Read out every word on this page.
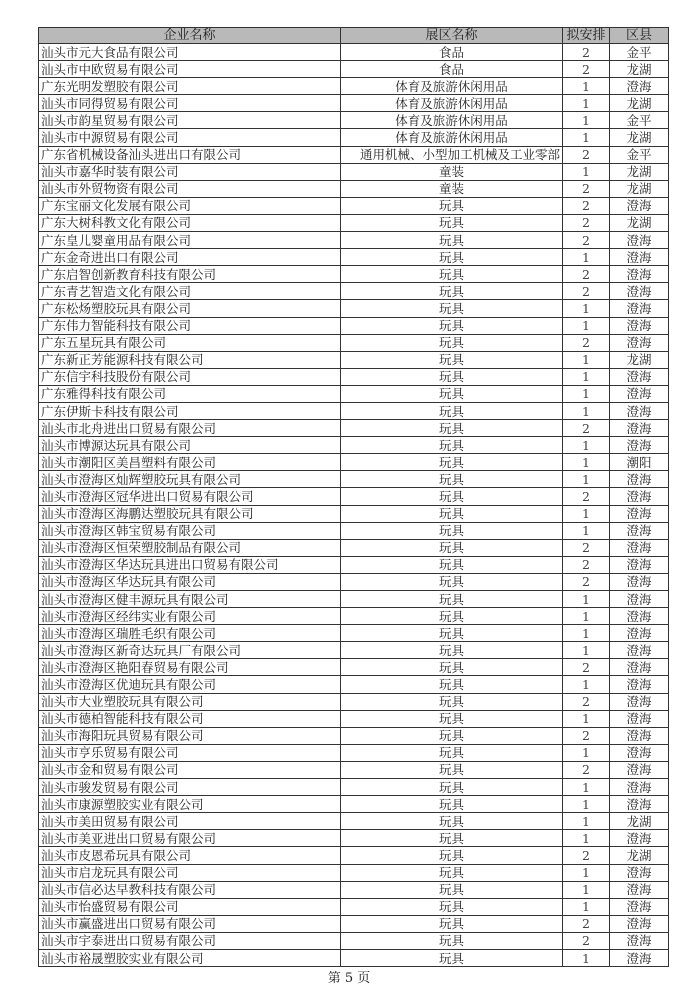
企业名称	展区名称	拟安排	区县
汕头市元大食品有限公司	食品	2	金平
汕头市中欧贸易有限公司	食品	2	龙湖
广东光明发塑胶有限公司	体育及旅游休闲用品	1	澄海
汕头市同得贸易有限公司	体育及旅游休闲用品	1	龙湖
汕头市韵星贸易有限公司	体育及旅游休闲用品	1	金平
汕头市中源贸易有限公司	体育及旅游休闲用品	1	龙湖
广东省机械设备汕头进出口有限公司	通用机械、小型加工机械及工业零部	2	金平
汕头市嘉华时装有限公司	童装	1	龙湖
汕头市外贸物资有限公司	童装	2	龙湖
广东宝丽文化发展有限公司	玩具	2	澄海
广东大树科教文化有限公司	玩具	2	龙湖
广东皇儿婴童用品有限公司	玩具	2	澄海
广东金奇进出口有限公司	玩具	1	澄海
广东启智创新教育科技有限公司	玩具	2	澄海
广东青艺智造文化有限公司	玩具	2	澄海
广东松炀塑胶玩具有限公司	玩具	1	澄海
广东伟力智能科技有限公司	玩具	1	澄海
广东五星玩具有限公司	玩具	2	澄海
广东新正芳能源科技有限公司	玩具	1	龙湖
广东信宇科技股份有限公司	玩具	1	澄海
广东雅得科技有限公司	玩具	1	澄海
广东伊斯卡科技有限公司	玩具	1	澄海
汕头市北舟进出口贸易有限公司	玩具	2	澄海
汕头市博源达玩具有限公司	玩具	1	澄海
汕头市潮阳区美昌塑料有限公司	玩具	1	潮阳
汕头市澄海区灿辉塑胶玩具有限公司	玩具	1	澄海
汕头市澄海区冠华进出口贸易有限公司	玩具	2	澄海
汕头市澄海区海鹏达塑胶玩具有限公司	玩具	1	澄海
汕头市澄海区韩宝贸易有限公司	玩具	1	澄海
汕头市澄海区恒荣塑胶制品有限公司	玩具	2	澄海
汕头市澄海区华达玩具进出口贸易有限公司	玩具	2	澄海
汕头市澄海区华达玩具有限公司	玩具	2	澄海
汕头市澄海区健丰源玩具有限公司	玩具	1	澄海
汕头市澄海区经纬实业有限公司	玩具	1	澄海
汕头市澄海区瑞胜毛织有限公司	玩具	1	澄海
汕头市澄海区新奇达玩具厂有限公司	玩具	1	澄海
汕头市澄海区艳阳春贸易有限公司	玩具	2	澄海
汕头市澄海区优迪玩具有限公司	玩具	1	澄海
汕头市大业塑胶玩具有限公司	玩具	2	澄海
汕头市德柏智能科技有限公司	玩具	1	澄海
汕头市海阳玩具贸易有限公司	玩具	2	澄海
汕头市亨乐贸易有限公司	玩具	1	澄海
汕头市金和贸易有限公司	玩具	2	澄海
汕头市骏发贸易有限公司	玩具	1	澄海
汕头市康源塑胶实业有限公司	玩具	1	澄海
汕头市美田贸易有限公司	玩具	1	龙湖
汕头市美亚进出口贸易有限公司	玩具	1	澄海
汕头市皮恩希玩具有限公司	玩具	2	龙湖
汕头市启龙玩具有限公司	玩具	1	澄海
汕头市信必达早教科技有限公司	玩具	1	澄海
汕头市怡盛贸易有限公司	玩具	1	澄海
汕头市赢盛进出口贸易有限公司	玩具	2	澄海
汕头市宇泰进出口贸易有限公司	玩具	2	澄海
汕头市裕晟塑胶实业有限公司	玩具	1	澄海
第 5 页
